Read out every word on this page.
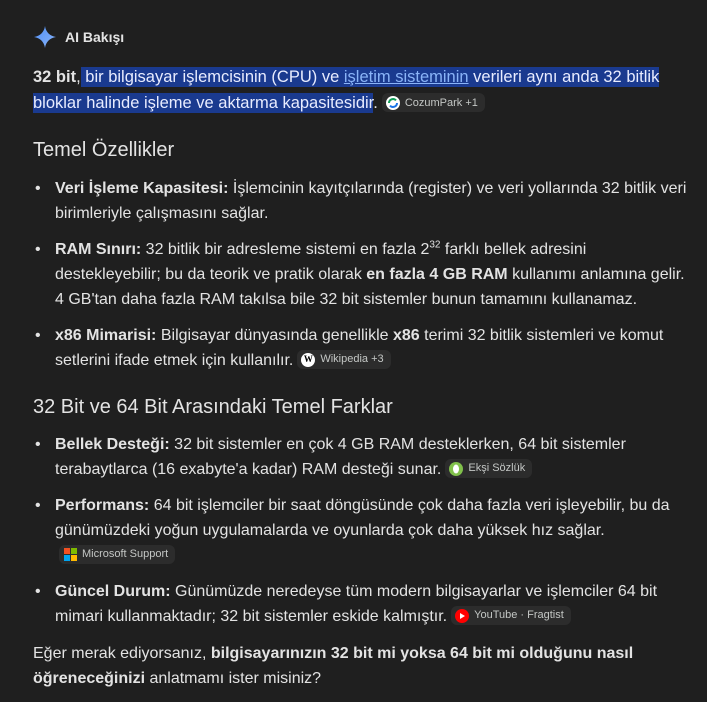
AI Bakışı
32 bit, bir bilgisayar işlemcisinin (CPU) ve işletim sisteminin verileri aynı anda 32 bitlik bloklar halinde işleme ve aktarma kapasitesidir. CozumPark +1
Temel Özellikler
• Veri İşleme Kapasitesi: İşlemcinin kayıtçılarında (register) ve veri yollarında 32 bitlik veri birimleriyle çalışmasını sağlar.
• RAM Sınırı: 32 bitlik bir adresleme sistemi en fazla $2^{32}$ farklı bellek adresini destekleyebilir; bu da teorik ve pratik olarak en fazla 4 GB RAM kullanımı anlamına gelir. 4 GB'tan daha fazla RAM takılsa bile 32 bit sistemler bunun tamamını kullanamaz.
• x86 Mimarisi: Bilgisayar dünyasında genellikle x86 terimi 32 bitlik sistemleri ve komut setlerini ifade etmek için kullanılır. W Wikipedia +3
32 Bit ve 64 Bit Arasındaki Temel Farklar
• Bellek Desteği: 32 bit sistemler en çok 4 GB RAM desteklerken, 64 bit sistemler terabaytlarca (16 exabyte'a kadar) RAM desteği sunar. Ekşi Sözlük
• Performans: 64 bit işlemciler bir saat döngüsünde çok daha fazla veri işleyebilir, bu da günümüzdeki yoğun uygulamalarda ve oyunlarda çok daha yüksek hız sağlar.
Microsoft Support
• Güncel Durum: Günümüzde neredeyse tüm modern bilgisayarlar ve işlemciler 64 bit mimari kullanmaktadır; 32 bit sistemler eskide kalmıştır. YouTube · Fragtist
Eğer merak ediyorsanız, bilgisayarınızın 32 bit mi yoksa 64 bit mi olduğunu nasıl öğreneceğinizi anlatmamı ister misiniz?
